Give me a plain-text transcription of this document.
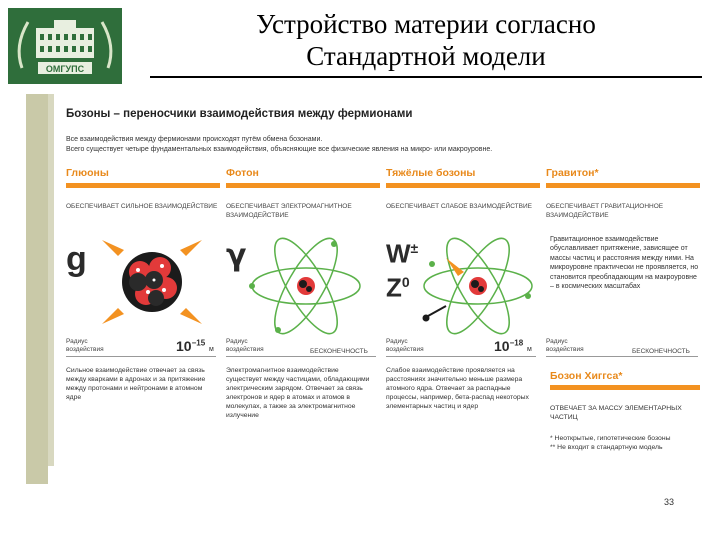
ОМГУПС
Устройство материи согласно
Стандартной модели
Бозоны – переносчики взаимодействия между фермионами
Все взаимодействия между фермионами происходят путём обмена бозонами.
Всего существует четыре фундаментальных взаимодействия, объясняющие все физические явления на микро- или макроуровне.
Глюоны
ОБЕСПЕЧИВАЕТ СИЛЬНОЕ ВЗАИМОДЕЙСТВИЕ
g
Фотон
ОБЕСПЕЧИВАЕТ ЭЛЕКТРОМАГНИТНОЕ ВЗАИМОДЕЙСТВИЕ
γ
Тяжёлые бозоны
ОБЕСПЕЧИВАЕТ СЛАБОЕ ВЗАИМОДЕЙСТВИЕ
W±
$Z^0$
Гравитон*
ОБЕСПЕЧИВАЕТ ГРАВИТАЦИОННОЕ ВЗАИМОДЕЙСТВИЕ
Гравитационное взаимодействие обуславливает притяжение, зависящее от массы частиц и расстояния между ними. На микроуровне практически не проявляется, но становится преобладающим на макроуровне – в космических масштабах
Радиус воздействия	$10^{-15}$ м
Радиус воздействия	БЕСКОНЕЧНОСТЬ
Радиус воздействия	$10^{-18}$ м
Радиус воздействия	БЕСКОНЕЧНОСТЬ
Сильное взаимодействие отвечает за связь между кварками в адронах и за притяжение между протонами и нейтронами в атомном ядре
Электромагнитное взаимодействие существует между частицами, обладающими электрическим зарядом. Отвечает за связь электронов и ядер в атомах и атомов в молекулах, а также за электромагнитное излучение
Слабое взаимодействие проявляется на расстояниях значительно меньше размера атомного ядра. Отвечает за распадные процессы, например, бета-распад некоторых элементарных частиц и ядер
Бозон Хиггса*
ОТВЕЧАЕТ ЗА МАССУ ЭЛЕМЕНТАРНЫХ ЧАСТИЦ
* Неоткрытые, гипотетические бозоны
** Не входит в стандартную модель
33
